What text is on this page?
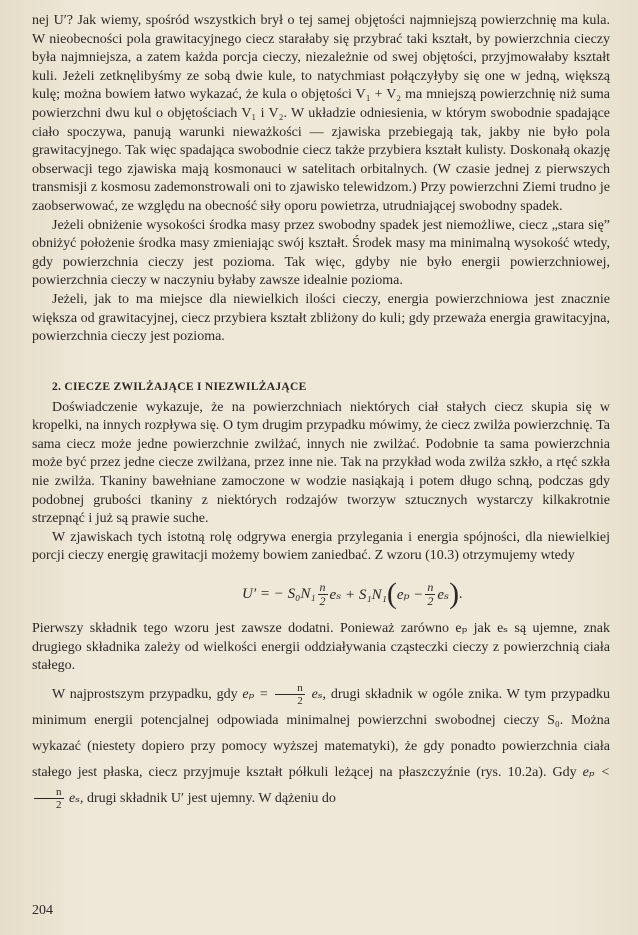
nej U′? Jak wiemy, spośród wszystkich brył o tej samej objętości najmniejszą powierzchnię ma kula. W nieobecności pola grawitacyjnego ciecz starałaby się przybrać taki kształt, by powierzchnia cieczy była najmniejsza, a zatem każda porcja cieczy, niezależnie od swej objętości, przyjmowałaby kształt kuli. Jeżeli zetknęlibyśmy ze sobą dwie kule, to natychmiast połączyłyby się one w jedną, większą kulę; można bowiem łatwo wykazać, że kula o objętości V₁ + V₂ ma mniejszą powierzchnię niż suma powierzchni dwu kul o objętościach V₁ i V₂. W układzie odniesienia, w którym swobodnie spadające ciało spoczywa, panują warunki nieważkości — zjawiska przebiegają tak, jakby nie było pola grawitacyjnego. Tak więc spadająca swobodnie ciecz także przybiera kształt kulisty. Doskonałą okazję obserwacji tego zjawiska mają kosmonauci w satelitach orbitalnych. (W czasie jednej z pierwszych transmisji z kosmosu zademonstrowali oni to zjawisko telewidzom.) Przy powierzchni Ziemi trudno je zaobserwować, ze względu na obecność siły oporu powietrza, utrudniającej swobodny spadek.

Jeżeli obniżenie wysokości środka masy przez swobodny spadek jest niemożliwe, ciecz „stara się” obniżyć położenie środka masy zmieniając swój kształt. Środek masy ma minimalną wysokość wtedy, gdy powierzchnia cieczy jest pozioma. Tak więc, gdyby nie było energii powierzchniowej, powierzchnia cieczy w naczyniu byłaby zawsze idealnie pozioma.

Jeżeli, jak to ma miejsce dla niewielkich ilości cieczy, energia powierzchniowa jest znacznie większa od grawitacyjnej, ciecz przybiera kształt zbliżony do kuli; gdy przeważa energia grawitacyjna, powierzchnia cieczy jest pozioma.

2. CIECZE ZWILŻAJĄCE I NIEZWILŻAJĄCE

Doświadczenie wykazuje, że na powierzchniach niektórych ciał stałych ciecz skupia się w kropelki, na innych rozpływa się. O tym drugim przypadku mówimy, że ciecz zwilża powierzchnię. Ta sama ciecz może jedne powierzchnie zwilżać, innych nie zwilżać. Podobnie ta sama powierzchnia może być przez jedne ciecze zwilżana, przez inne nie. Tak na przykład woda zwilża szkło, a rtęć szkła nie zwilża. Tkaniny bawełniane zamoczone w wodzie nasiąkają i potem długo schną, podczas gdy podobnej grubości tkaniny z niektórych rodzajów tworzyw sztucznych wystarczy kilkakrotnie strzepnąć i już są prawie suche.

W zjawiskach tych istotną rolę odgrywa energia przylegania i energia spójności, dla niewielkiej porcji cieczy energię grawitacji możemy bowiem zaniedbać. Z wzoru (10.3) otrzymujemy wtedy

U′ = − $S_0N_1 \frac{n}{2}$ eₛ + S₁N₁ ( $e_p - \frac{n}{2}$ eₛ ) .

Pierwszy składnik tego wzoru jest zawsze dodatni. Ponieważ zarówno eₚ jak eₛ są ujemne, znak drugiego składnika zależy od wielkości energii oddziaływania cząsteczki cieczy z powierzchnią ciała stałego.

W najprostszym przypadku, gdy $e_p = \frac{n}{2} e_s$, drugi składnik w ogóle znika. W tym przypadku minimum energii potencjalnej odpowiada minimalnej powierzchni swobodnej cieczy S₀. Można wykazać (niestety dopiero przy pomocy wyższej matematyki), że gdy ponadto powierzchnia ciała stałego jest płaska, ciecz przyjmuje kształt półkuli leżącej na płaszczyźnie (rys. 10.2a). Gdy eₚ <
$\frac{n}{2} e_s$, drugi składnik U′ jest ujemny. W dążeniu do

204
